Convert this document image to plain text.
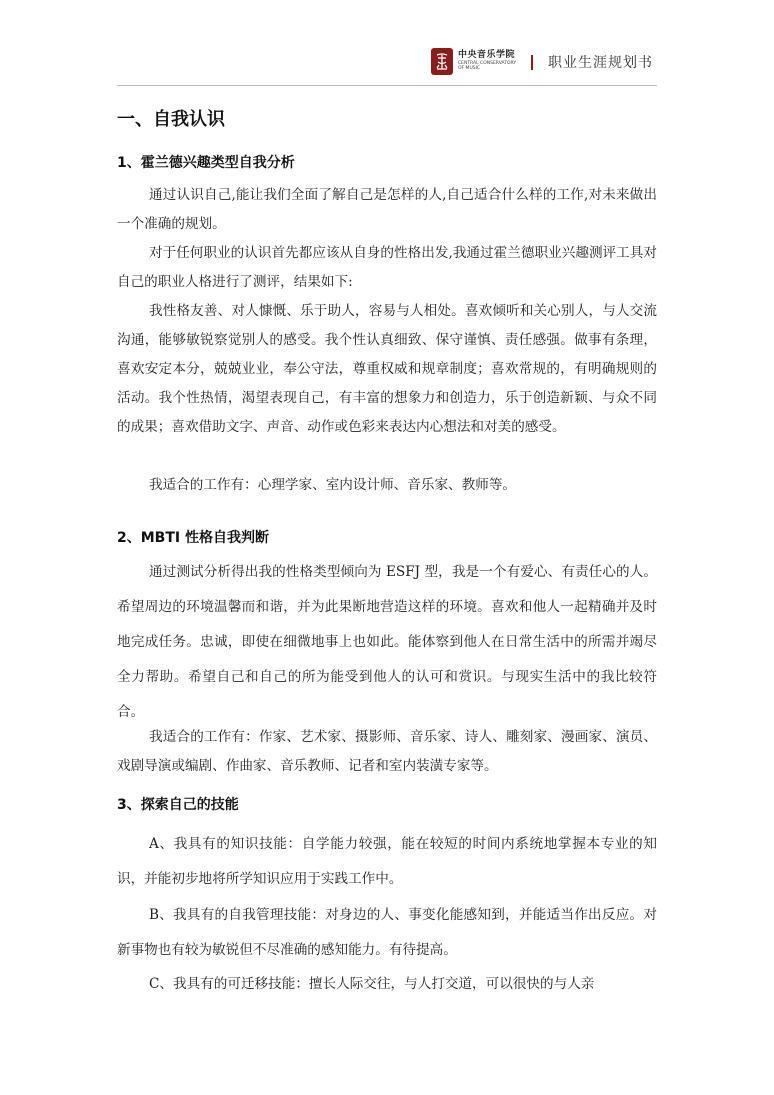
中央音乐学院
CENTRAL CONSERVATORY
OF MUSIC	职业生涯规划书
一、自我认识
1、霍兰德兴趣类型自我分析
通过认识自己,能让我们全面了解自己是怎样的人,自己适合什么样的工作,对未来做出一个准确的规划。
对于任何职业的认识首先都应该从自身的性格出发,我通过霍兰德职业兴趣测评工具对自己的职业人格进行了测评，结果如下:
我性格友善、对人慷慨、乐于助人，容易与人相处。喜欢倾听和关心别人，与人交流沟通，能够敏锐察觉别人的感受。我个性认真细致、保守谨慎、责任感强。做事有条理，喜欢安定本分，兢兢业业，奉公守法，尊重权威和规章制度；喜欢常规的，有明确规则的活动。我个性热情，渴望表现自己，有丰富的想象力和创造力，乐于创造新颖、与众不同的成果；喜欢借助文字、声音、动作或色彩来表达内心想法和对美的感受。
我适合的工作有：心理学家、室内设计师、音乐家、教师等。
2、MBTI 性格自我判断
通过测试分析得出我的性格类型倾向为 ESFJ 型，我是一个有爱心、有责任心的人。希望周边的环境温馨而和谐，并为此果断地营造这样的环境。喜欢和他人一起精确并及时地完成任务。忠诚，即使在细微地事上也如此。能体察到他人在日常生活中的所需并竭尽全力帮助。希望自己和自己的所为能受到他人的认可和赏识。与现实生活中的我比较符合。
我适合的工作有：作家、艺术家、摄影师、音乐家、诗人、雕刻家、漫画家、演员、戏剧导演或编剧、作曲家、音乐教师、记者和室内装潢专家等。
3、探索自己的技能
A、我具有的知识技能：自学能力较强，能在较短的时间内系统地掌握本专业的知识，并能初步地将所学知识应用于实践工作中。
B、我具有的自我管理技能：对身边的人、事变化能感知到，并能适当作出反应。对新事物也有较为敏锐但不尽准确的感知能力。有待提高。
C、我具有的可迁移技能：擅长人际交往，与人打交道，可以很快的与人亲
